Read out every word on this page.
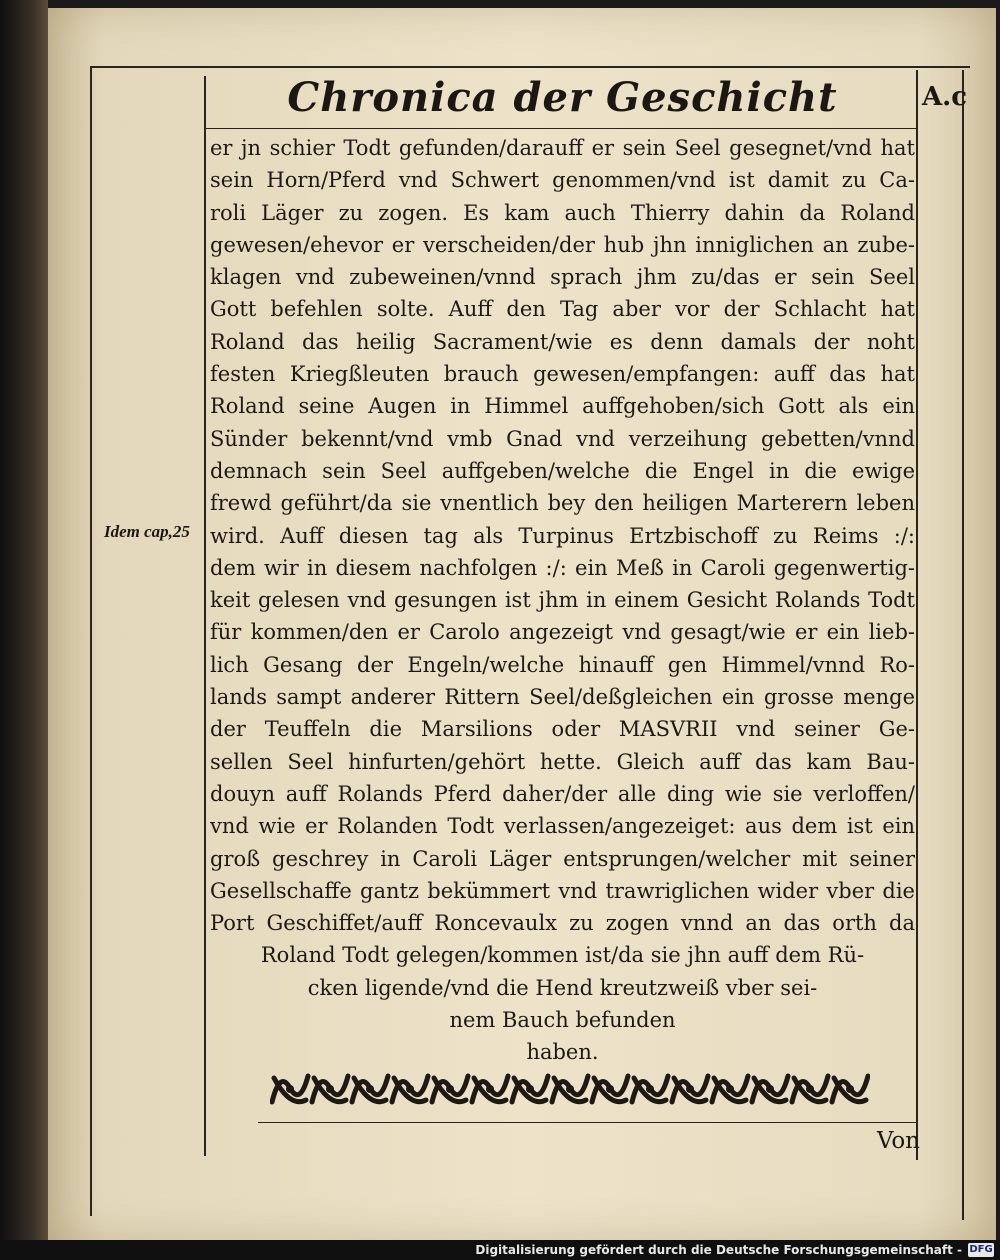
Chronica der Geschicht	A.c
Idem cap,25
er jn schier Todt gefunden/darauff er sein Seel gesegnet/vnd hat
sein Horn/Pferd vnd Schwert genommen/vnd ist damit zu Ca-
roli Läger zu zogen. Es kam auch Thierry dahin da Roland
gewesen/ehevor er verscheiden/der hub jhn inniglichen an zube-
klagen vnd zubeweinen/vnnd sprach jhm zu/das er sein Seel
Gott befehlen solte. Auff den Tag aber vor der Schlacht hat
Roland das heilig Sacrament/wie es denn damals der noht
festen Kriegßleuten brauch gewesen/empfangen: auff das hat
Roland seine Augen in Himmel auffgehoben/sich Gott als ein
Sünder bekennt/vnd vmb Gnad vnd verzeihung gebetten/vnnd
demnach sein Seel auffgeben/welche die Engel in die ewige
frewd geführt/da sie vnentlich bey den heiligen Marterern leben
wird. Auff diesen tag als Turpinus Ertzbischoff zu Reims :/:
dem wir in diesem nachfolgen :/: ein Meß in Caroli gegenwertig-
keit gelesen vnd gesungen ist jhm in einem Gesicht Rolands Todt
für kommen/den er Carolo angezeigt vnd gesagt/wie er ein lieb-
lich Gesang der Engeln/welche hinauff gen Himmel/vnnd Ro-
lands sampt anderer Rittern Seel/deßgleichen ein grosse menge
der Teuffeln die Marsilions oder MASVRII vnd seiner Ge-
sellen Seel hinfurten/gehört hette. Gleich auff das kam Bau-
douyn auff Rolands Pferd daher/der alle ding wie sie verloffen/
vnd wie er Rolanden Todt verlassen/angezeiget: aus dem ist ein
groß geschrey in Caroli Läger entsprungen/welcher mit seiner
Gesellschaffe gantz bekümmert vnd trawriglichen wider vber die
Port Geschiffet/auff Roncevaulx zu zogen vnnd an das orth da
Roland Todt gelegen/kommen ist/da sie jhn auff dem Rü-
cken ligende/vnd die Hend kreutzweiß vber sei-
nem Bauch befunden
haben.
Von
Digitalisierung gefördert durch die Deutsche Forschungsgemeinschaft - DFG
